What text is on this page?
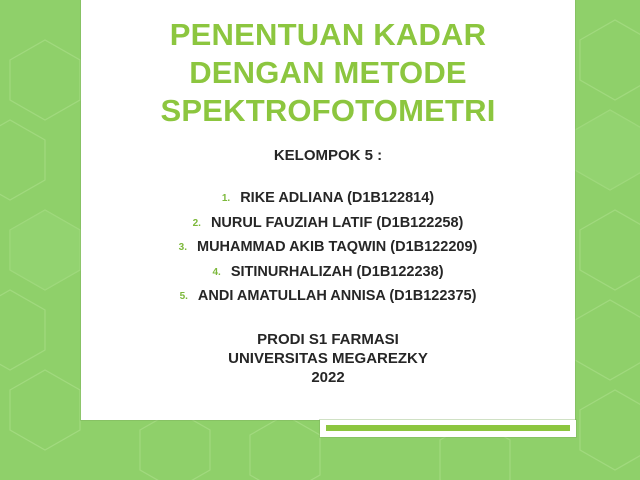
PENENTUAN KADAR
DENGAN METODE
SPEKTROFOTOMETRI
KELOMPOK 5 :
1. RIKE ADLIANA (D1B122814)
2. NURUL FAUZIAH LATIF (D1B122258)
3. MUHAMMAD AKIB TAQWIN (D1B122209)
4. SITINURHALIZAH (D1B122238)
5. ANDI AMATULLAH ANNISA (D1B122375)
PRODI S1 FARMASI
UNIVERSITAS MEGAREZKY
2022
